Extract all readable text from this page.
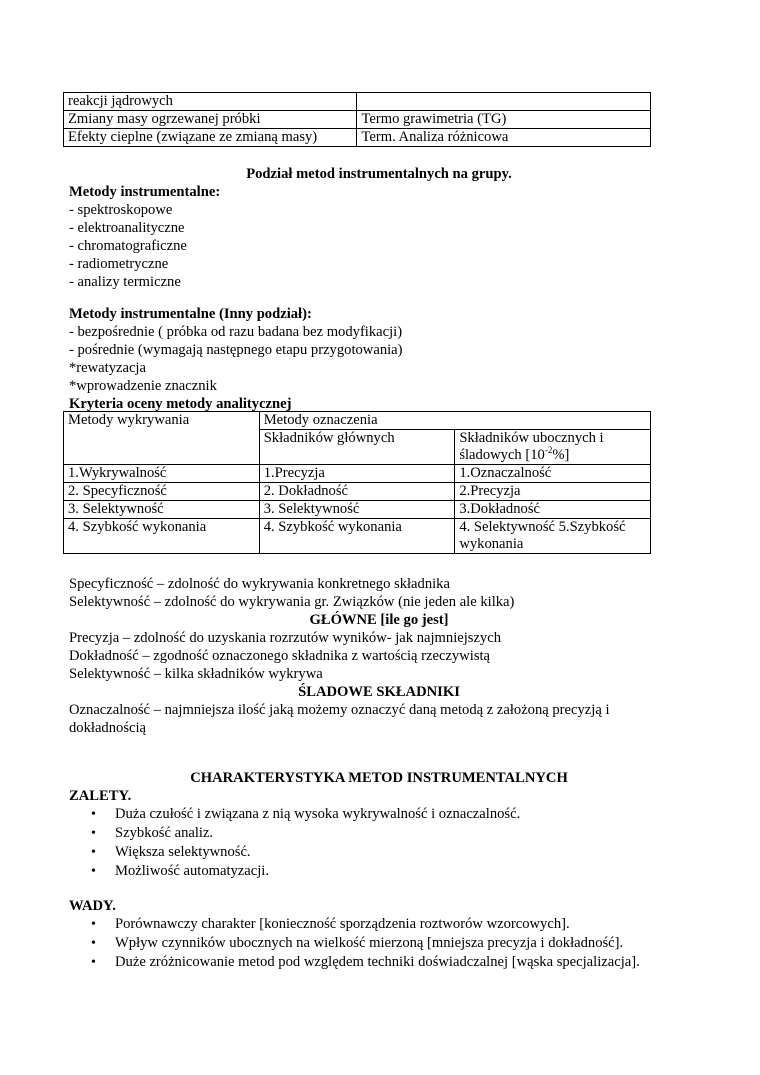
reakcji jądrowych	
Zmiany masy ogrzewanej próbki	Termo grawimetria (TG)
Efekty cieplne (związane ze zmianą masy)	Term. Analiza różnicowa
Podział metod instrumentalnych na grupy.
Metody instrumentalne:
- spektroskopowe
- elektroanalityczne
- chromatograficzne
- radiometryczne
- analizy termiczne
Metody instrumentalne (Inny podział):
- bezpośrednie ( próbka od razu badana bez modyfikacji)
- pośrednie (wymagają następnego etapu przygotowania)
*rewatyzacja
*wprowadzenie znacznik
Kryteria oceny metody analitycznej
Metody wykrywania	Metody oznaczenia	
	Składników głównych	Składników ubocznych i śladowych $[10^{-2}\%]$
1.Wykrywalność	1.Precyzja	1.Oznaczalność
2. Specyficzność	2. Dokładność	2.Precyzja
3. Selektywność	3. Selektywność	3.Dokładność
4. Szybkość wykonania	4. Szybkość wykonania	4. Selektywność 5.Szybkość wykonania
Specyficzność – zdolność do wykrywania konkretnego składnika
Selektywność – zdolność do wykrywania gr. Związków (nie jeden ale kilka)
GŁÓWNE [ile go jest]
Precyzja – zdolność do uzyskania rozrzutów wyników- jak najmniejszych
Dokładność – zgodność oznaczonego składnika z wartością rzeczywistą
Selektywność – kilka składników wykrywa
ŚLADOWE SKŁADNIKI
Oznaczalność – najmniejsza ilość jaką możemy oznaczyć daną metodą z założoną precyzją i
dokładnością
CHARAKTERYSTYKA METOD INSTRUMENTALNYCH
ZALETY.
• Duża czułość i związana z nią wysoka wykrywalność i oznaczalność.
• Szybkość analiz.
• Większa selektywność.
• Możliwość automatyzacji.
WADY.
• Porównawczy charakter [konieczność sporządzenia roztworów wzorcowych].
• Wpływ czynników ubocznych na wielkość mierzoną [mniejsza precyzja i dokładność].
• Duże zróżnicowanie metod pod względem techniki doświadczalnej [wąska specjalizacja].
